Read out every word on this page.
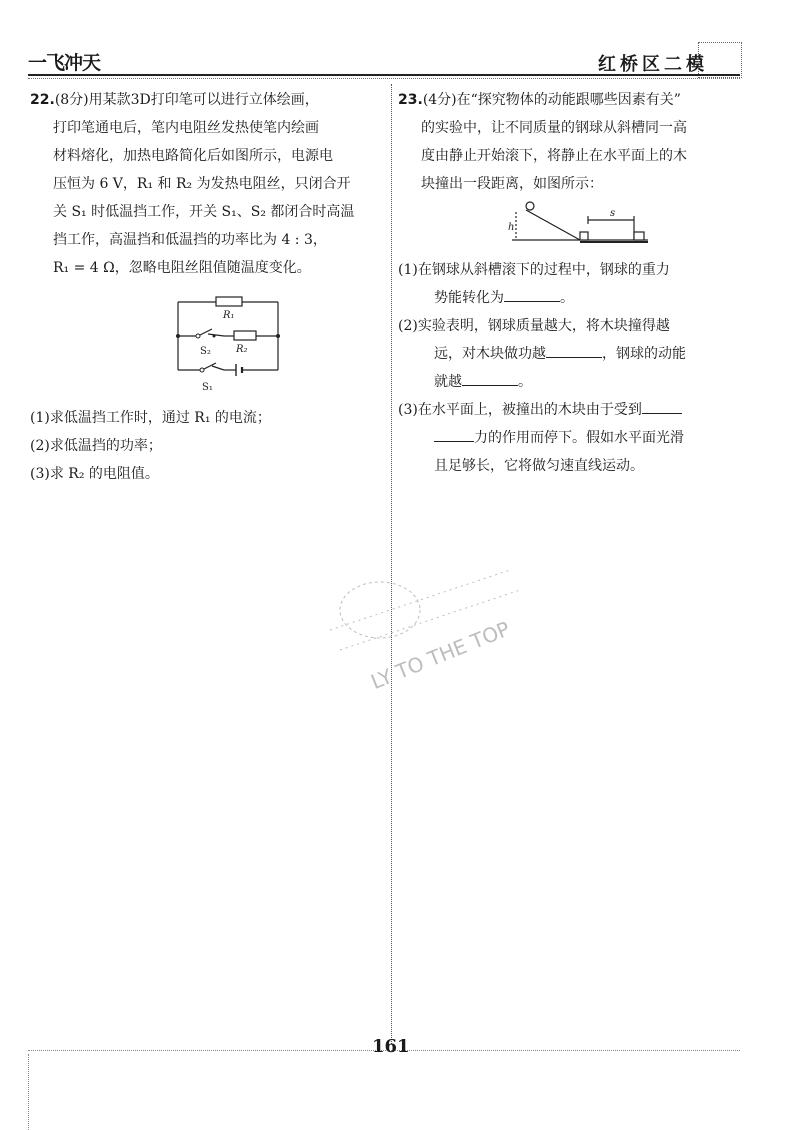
一飞冲天	红桥区二模
22.(8分)用某款3D打印笔可以进行立体绘画，
打印笔通电后，笔内电阻丝发热使笔内绘画
材料熔化，加热电路简化后如图所示，电源电
压恒为 6 V，R₁ 和 R₂ 为发热电阻丝，只闭合开
关 S₁ 时低温挡工作，开关 S₁、S₂ 都闭合时高温
挡工作，高温挡和低温挡的功率比为 4 : 3，
R₁ = 4 Ω，忽略电阻丝阻值随温度变化。
R₁
R₂
S₂
S₁
(1)求低温挡工作时，通过 R₁ 的电流；
(2)求低温挡的功率；
(3)求 R₂ 的电阻值。
23.(4分)在“探究物体的动能跟哪些因素有关”
的实验中，让不同质量的钢球从斜槽同一高
度由静止开始滚下，将静止在水平面上的木
块撞出一段距离，如图所示：
h
s
(1)在钢球从斜槽滚下的过程中，钢球的重力
势能转化为	。
(2)实验表明，钢球质量越大，将木块撞得越
远，对木块做功越	，钢球的动能
就越	。
(3)在水平面上，被撞出的木块由于受到
力的作用而停下。假如水平面光滑
且足够长，它将做匀速直线运动。
LY TO THE TOP
161
